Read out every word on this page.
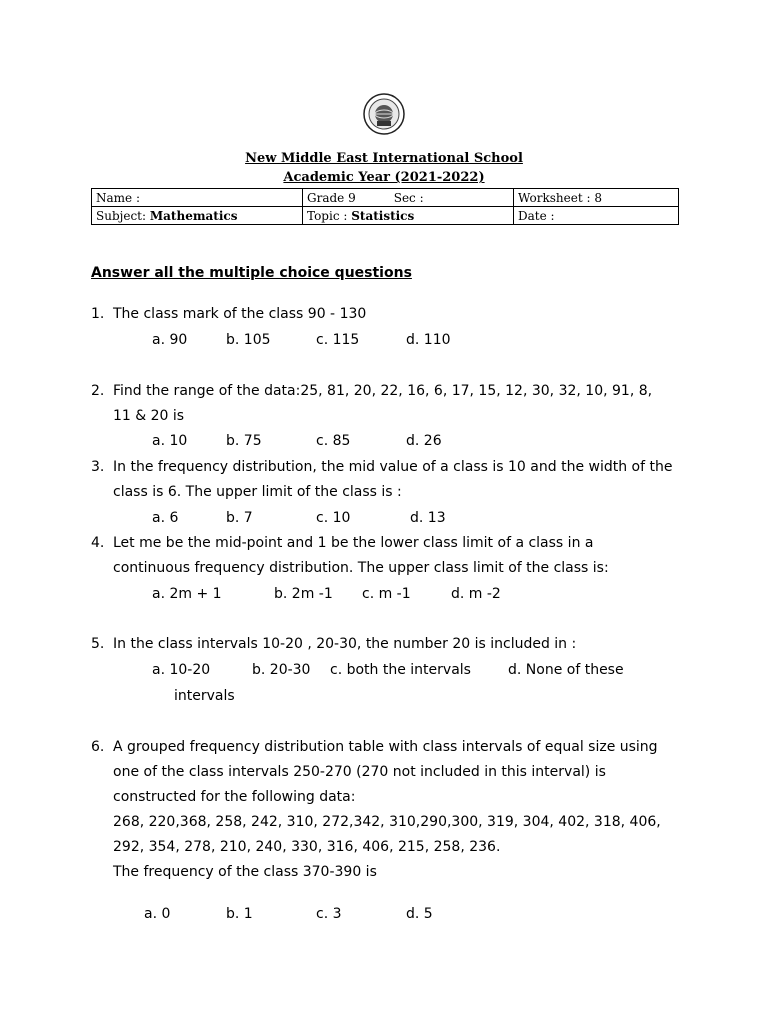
New Middle East International School
Academic Year (2021-2022)
Name :	Grade 9 Sec :	Worksheet : 8
Subject: Mathematics	Topic : Statistics	Date :
Answer all the multiple choice questions
1. The class mark of the class 90 - 130
a. 90	b. 105	c. 115	d. 110
2. Find the range of the data:25, 81, 20, 22, 16, 6, 17, 15, 12, 30, 32, 10, 91, 8, 11 & 20 is
a. 10	b. 75	c. 85	d. 26
3. In the frequency distribution, the mid value of a class is 10 and the width of the class is 6. The upper limit of the class is :
a. 6	b. 7	c. 10	d. 13
4. Let me be the mid-point and 1 be the lower class limit of a class in a continuous frequency distribution. The upper class limit of the class is:
a. 2m + 1	b. 2m -1 c. m -1	d. m -2
5. In the class intervals 10-20 , 20-30, the number 20 is included in :
a. 10-20	b. 20-30 c. both the intervals	d. None of these
intervals
6. A grouped frequency distribution table with class intervals of equal size using one of the class intervals 250-270 (270 not included in this interval) is constructed for the following data:
268, 220,368, 258, 242, 310, 272,342, 310,290,300, 319, 304, 402, 318, 406, 292, 354, 278, 210, 240, 330, 316, 406, 215, 258, 236.
The frequency of the class 370-390 is
a. 0	b. 1	c. 3	d. 5
